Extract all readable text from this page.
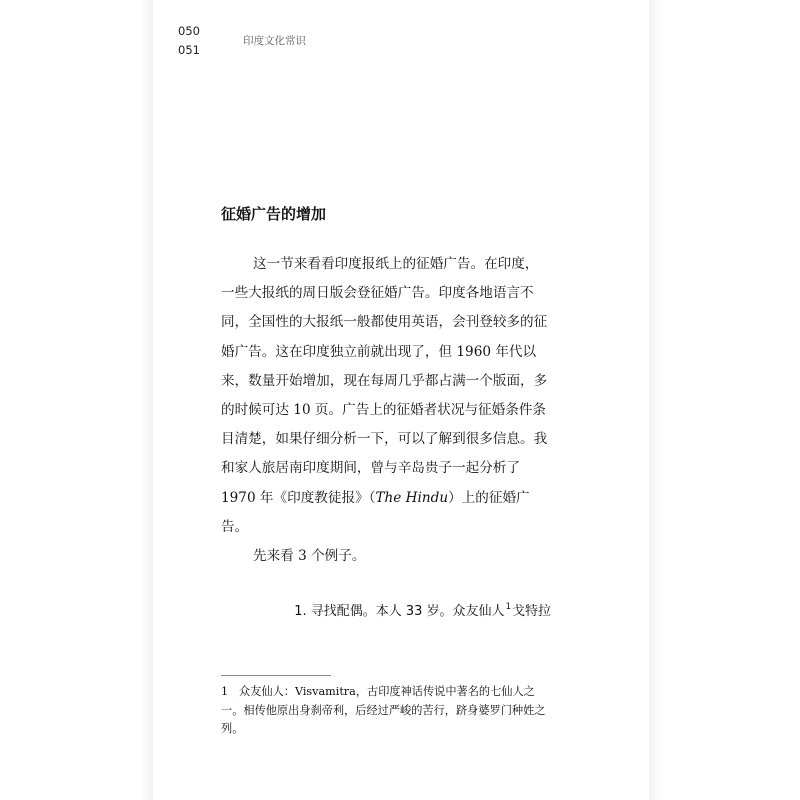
050
051
印度文化常识
征婚广告的增加

这一节来看看印度报纸上的征婚广告。在印度，一些大报纸的周日版会登征婚广告。印度各地语言不同，全国性的大报纸一般都使用英语，会刊登较多的征婚广告。这在印度独立前就出现了，但 1960 年代以来，数量开始增加，现在每周几乎都占满一个版面，多的时候可达 10 页。广告上的征婚者状况与征婚条件条目清楚，如果仔细分析一下，可以了解到很多信息。我和家人旅居南印度期间，曾与辛岛贵子一起分析了 1970 年《印度教徒报》（The Hindu）上的征婚广告。

先来看 3 个例子。

1. 寻找配偶。本人 33 岁。众友仙人$^1$戈特拉
1 众友仙人：Visvamitra，古印度神话传说中著名的七仙人之一。相传他原出身刹帝利，后经过严峻的苦行，跻身婆罗门种姓之列。
